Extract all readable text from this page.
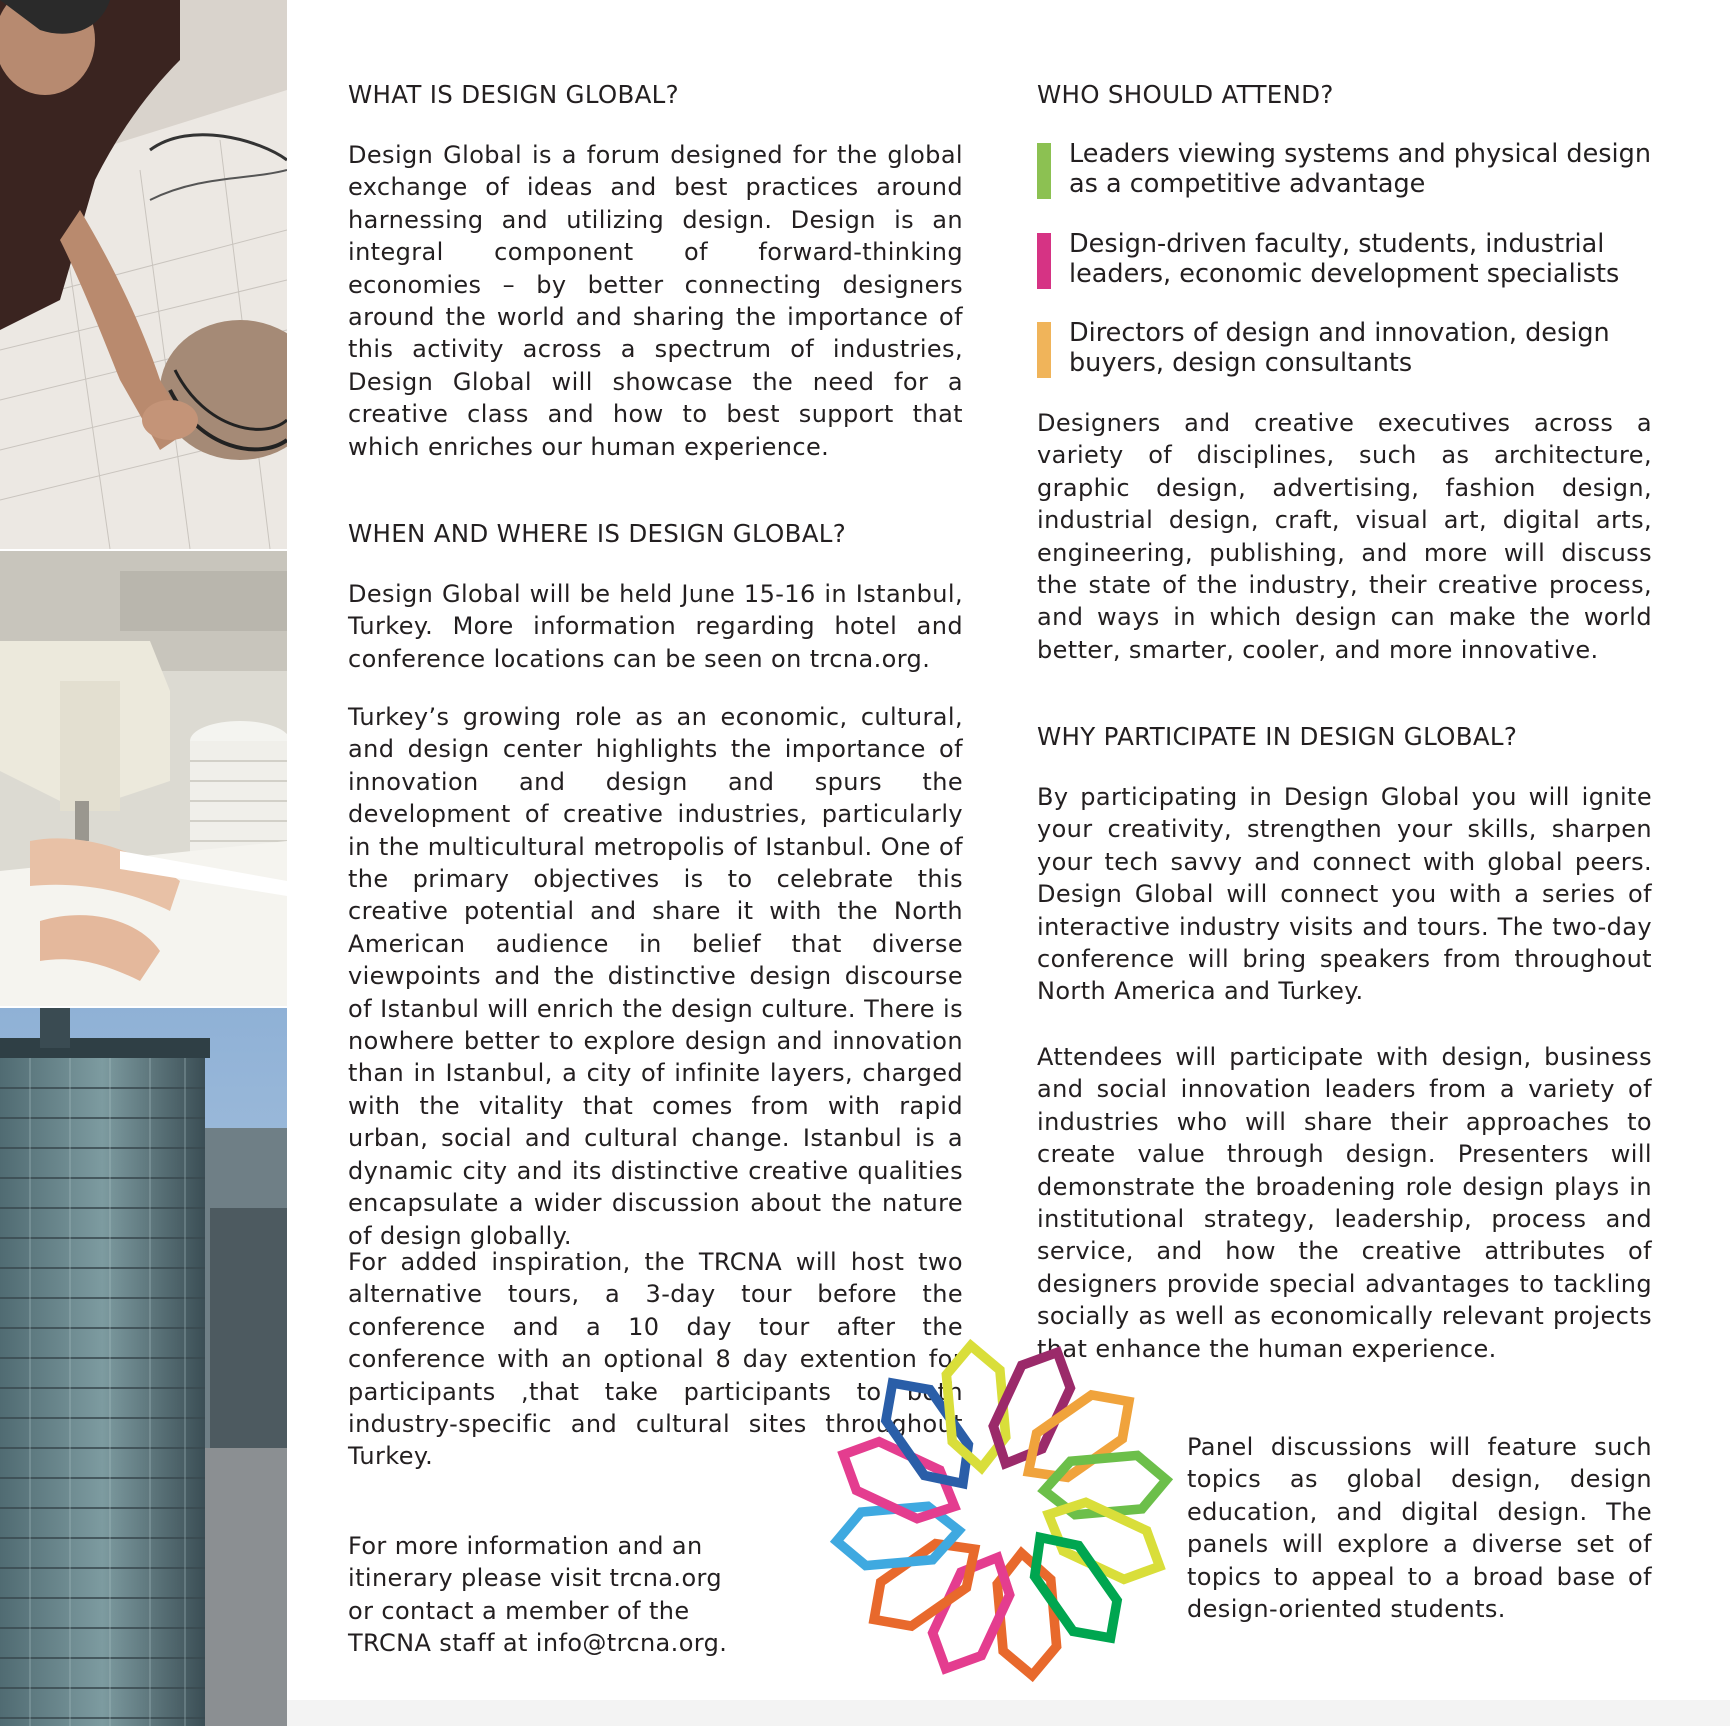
WHAT IS DESIGN GLOBAL?

Design Global is a forum designed for the global exchange of ideas and best practices around harnessing and utilizing design. Design is an integral component of forward-thinking economies – by better connecting designers around the world and sharing the importance of this activity across a spectrum of industries, Design Global will showcase the need for a creative class and how to best support that which enriches our human experience.

WHEN AND WHERE IS DESIGN GLOBAL?

Design Global will be held June 15-16 in Istanbul, Turkey. More information regarding hotel and conference locations can be seen on trcna.org.

Turkey’s growing role as an economic, cultural, and design center highlights the importance of innovation and design and spurs the development of creative industries, particularly in the multicultural metropolis of Istanbul. One of the primary objectives is to celebrate this creative potential and share it with the North American audience in belief that diverse viewpoints and the distinctive design discourse of Istanbul will enrich the design culture. There is nowhere better to explore design and innovation than in Istanbul, a city of infinite layers, charged with the vitality that comes from with rapid urban, social and cultural change. Istanbul is a dynamic city and its distinctive creative qualities encapsulate a wider discussion about the nature of design globally.

For added inspiration, the TRCNA will host two alternative tours, a 3-day tour before the conference and a 10 day tour after the conference with an optional 8 day extention for participants ,that take participants to both industry-specific and cultural sites throughout Turkey.

For more information and an itinerary please visit trcna.org or contact a member of the TRCNA staff at info@trcna.org.

WHO SHOULD ATTEND?
Leaders viewing systems and physical design as a competitive advantage
Design-driven faculty, students, industrial leaders, economic development specialists
Directors of design and innovation, design buyers, design consultants

Designers and creative executives across a variety of disciplines, such as architecture, graphic design, advertising, fashion design, industrial design, craft, visual art, digital arts, engineering, publishing, and more will discuss the state of the industry, their creative process, and ways in which design can make the world better, smarter, cooler, and more innovative.

WHY PARTICIPATE IN DESIGN GLOBAL?

By participating in Design Global you will ignite your creativity, strengthen your skills, sharpen your tech savvy and connect with global peers. Design Global will connect you with a series of interactive industry visits and tours. The two-day conference will bring speakers from throughout North America and Turkey.

Attendees will participate with design, business and social innovation leaders from a variety of industries who will share their approaches to create value through design. Presenters will demonstrate the broadening role design plays in institutional strategy, leadership, process and service, and how the creative attributes of designers provide special advantages to tackling socially as well as economically relevant projects that enhance the human experience.

Panel discussions will feature such topics as global design, design education, and digital design. The panels will explore a diverse set of topics to appeal to a broad base of design-oriented students.
